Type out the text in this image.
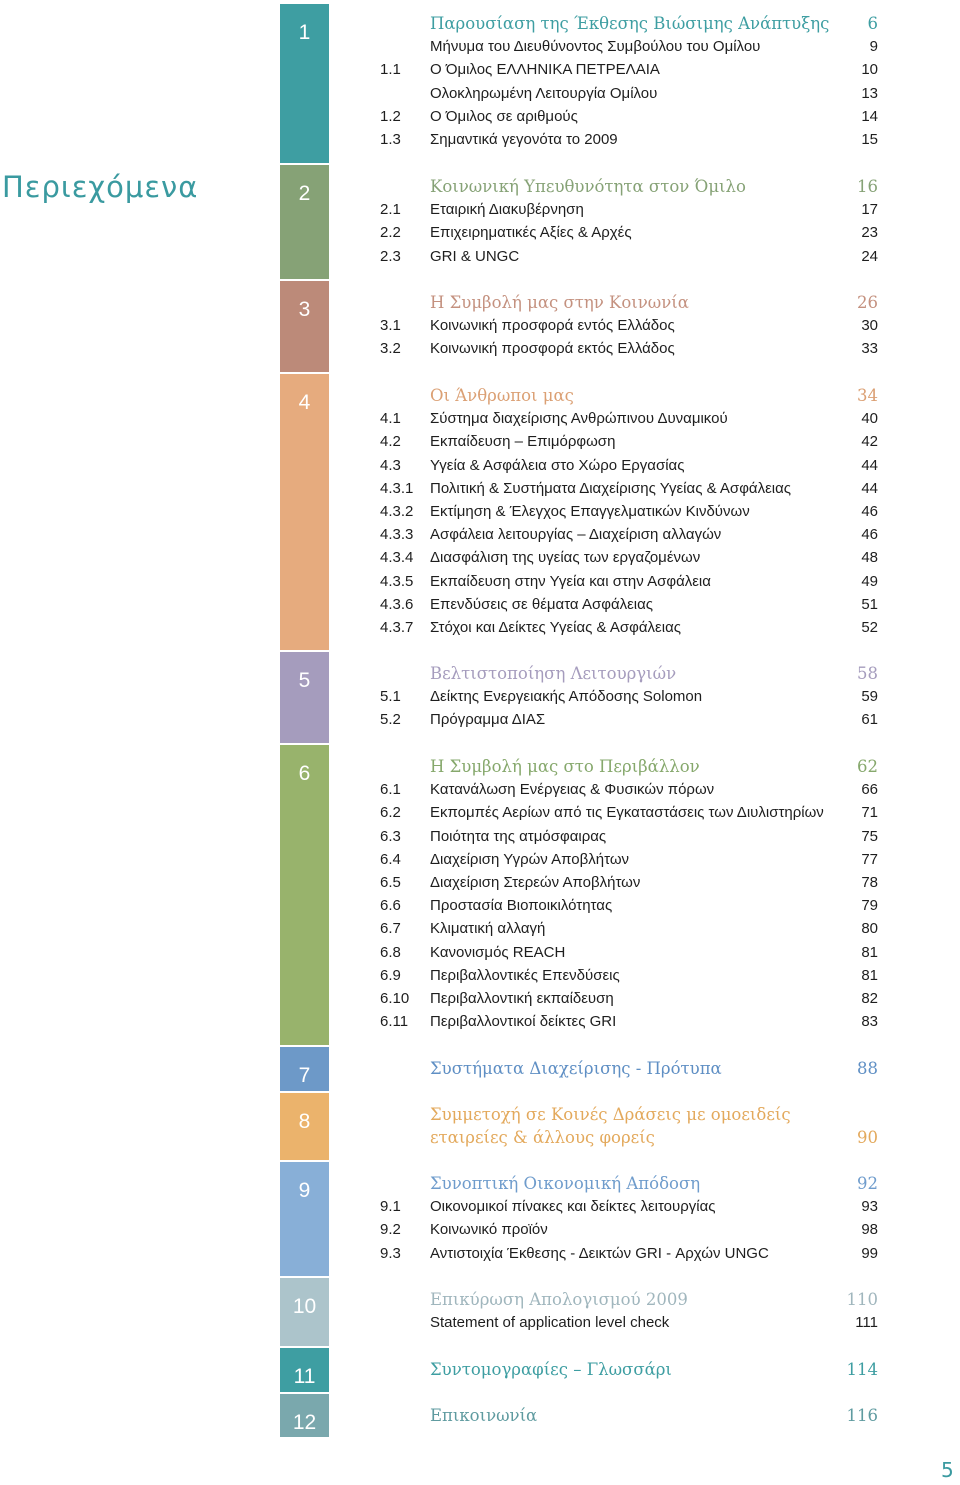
Περιεχόμενα
1
2
3
4
5
6
7
8
9
10
11
12
Παρουσίαση της Έκθεσης Βιώσιμης Ανάπτυξης 6
Μήνυμα του Διευθύνοντος Συμβούλου του Ομίλου	9
1.1 Ο Όμιλος ΕΛΛΗΝΙΚΑ ΠΕΤΡΕΛΑΙΑ	10
Ολοκληρωμένη Λειτουργία Ομίλου	13
1.2 Ο Όμιλος σε αριθμούς	14
1.3 Σημαντικά γεγονότα το 2009	15
Κοινωνική Υπευθυνότητα στον Όμιλο	16
2.1 Εταιρική Διακυβέρνηση	17
2.2 Επιχειρηματικές Αξίες & Αρχές	23
2.3 GRI & UNGC	24
Η Συμβολή μας στην Κοινωνία	26
3.1 Κοινωνική προσφορά εντός Ελλάδος	30
3.2 Κοινωνική προσφορά εκτός Ελλάδος	33
Οι Άνθρωποι μας	34
4.1 Σύστημα διαχείρισης Ανθρώπινου Δυναμικού	40
4.2 Εκπαίδευση – Επιμόρφωση	42
4.3 Υγεία & Ασφάλεια στο Χώρο Εργασίας	44
4.3.1 Πολιτική & Συστήματα Διαχείρισης Υγείας & Ασφάλειας	44
4.3.2 Εκτίμηση & Έλεγχος Επαγγελματικών Κινδύνων	46
4.3.3 Ασφάλεια λειτουργίας – Διαχείριση αλλαγών	46
4.3.4 Διασφάλιση της υγείας των εργαζομένων	48
4.3.5 Εκπαίδευση στην Υγεία και στην Ασφάλεια	49
4.3.6 Επενδύσεις σε θέματα Ασφάλειας	51
4.3.7 Στόχοι και Δείκτες Υγείας & Ασφάλειας	52
Βελτιστοποίηση Λειτουργιών	58
5.1 Δείκτης Ενεργειακής Απόδοσης Solomon	59
5.2 Πρόγραμμα ΔΙΑΣ	61
Η Συμβολή μας στο Περιβάλλον	62
6.1 Κατανάλωση Ενέργειας & Φυσικών πόρων	66
6.2 Εκπομπές Αερίων από τις Εγκαταστάσεις των Διυλιστηρίων	71
6.3 Ποιότητα της ατμόσφαιρας	75
6.4 Διαχείριση Υγρών Αποβλήτων	77
6.5 Διαχείριση Στερεών Αποβλήτων	78
6.6 Προστασία Βιοποικιλότητας	79
6.7 Κλιματική αλλαγή	80
6.8 Κανονισμός REACH	81
6.9 Περιβαλλοντικές Επενδύσεις	81
6.10 Περιβαλλοντική εκπαίδευση	82
6.11 Περιβαλλοντικοί δείκτες GRI	83
Συστήματα Διαχείρισης - Πρότυπα	88
Συμμετοχή σε Κοινές Δράσεις με ομοειδείς εταιρείες & άλλους φορείς	90
Συνοπτική Οικονομική Απόδοση	92
9.1 Οικονομικοί πίνακες και δείκτες λειτουργίας	93
9.2 Κοινωνικό προϊόν	98
9.3 Αντιστοιχία Έκθεσης - Δεικτών GRI - Αρχών UNGC	99
Επικύρωση Απολογισμού 2009	110
Statement of application level check	111
Συντομογραφίες – Γλωσσάρι	114
Επικοινωνία	116
5
